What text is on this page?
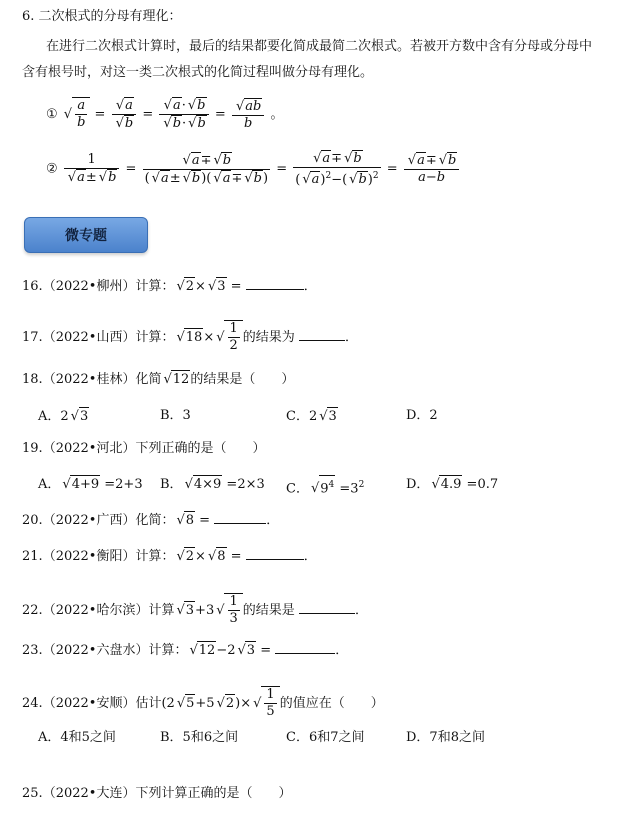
6. 二次根式的分母有理化：
在进行二次根式计算时，最后的结果都要化简成最简二次根式。若被开方数中含有分母或分母中
含有根号时，对这一类二次根式的化简过程叫做分母有理化。
① √ $\frac{a}{b}$ = √ a
√ b = √ a· √ b
√ b· √ b = √ $\frac{ab}{b}$ 。
② 1
√ a± √ b = √ $\frac{a\mp √ b}{( √ a\pm √ b)( √ a\mp √ b)}$ = √ $\frac{a\mp √ b}{( √ a)^2-( √ b)^2}$ = √ $\frac{a\mp √ b}{a-b}$
微专题
16.（2022•柳州）计算： √ 2× √ 3 =	．
17.（2022•山西）计算： √ 18× √ $\frac{1}{2}$ 的结果为	．
18.（2022•桂林）化简 √ 12的结果是（　　）
A．2 √ 3	B．3	C．2 √ 3	D．2
19.（2022•河北）下列正确的是（　　）
A． √ 4+9 =2+3 B． √ 4×9 =2×3 C． √ $9^4 =3^2$	D． √ 4.9 =0.7
20.（2022•广西）化简： √ 8 =	．
21.（2022•衡阳）计算： √ 2× √ 8 =	．
22.（2022•哈尔滨）计算 √ 3+3 √ $\frac{1}{3}$ 的结果是	．
23.（2022•六盘水）计算： √ 12−2 √ 3 =	．
24.（2022•安顺）估计(2 √ 5+5 √ 2)× √ $\frac{1}{5}$ 的值应在（　　）
A．4和5之间	B．5和6之间	C．6和7之间	D．7和8之间
25.（2022•大连）下列计算正确的是（　　）
